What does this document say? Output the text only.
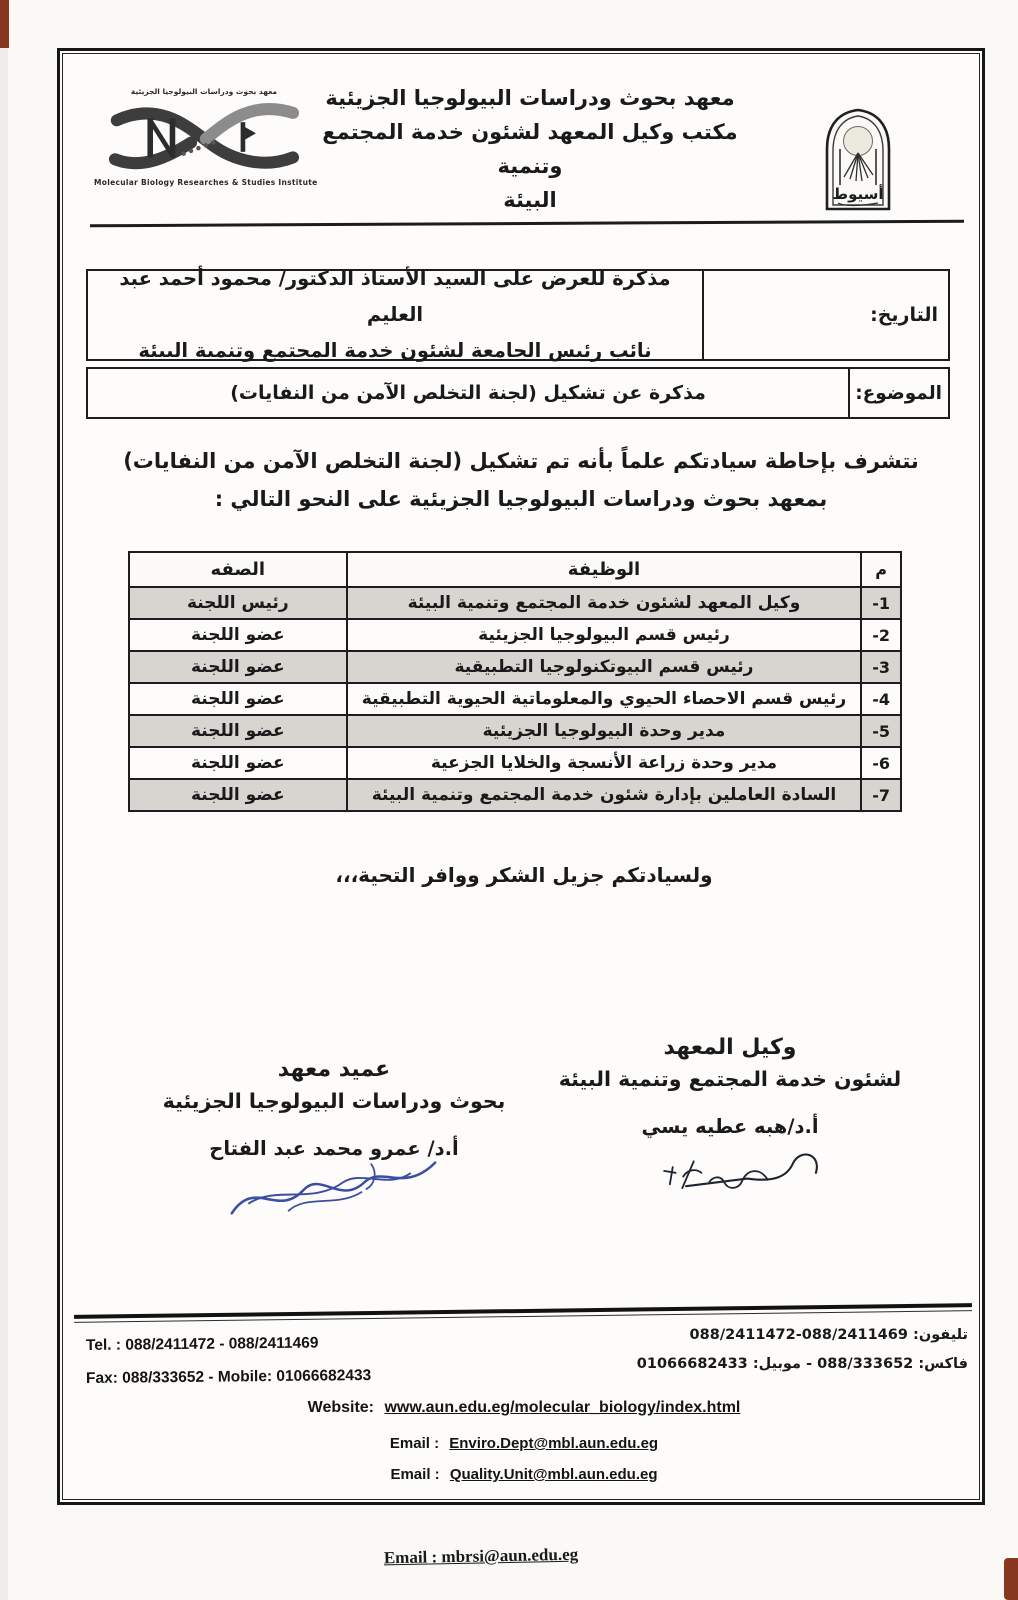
معهد بحوث ودراسات البيولوجيا الجزيئية
Molecular Biology Researches & Studies Institute
معهد بحوث ودراسات البيولوجيا الجزيئية
مكتب وكيل المعهد لشئون خدمة المجتمع وتنمية
البيئة	أسيوط
التاريخ:
مذكرة للعرض على السيد الأستاذ الدكتور/ محمود أحمد عبد العليم
نائب رئيس الجامعة لشئون خدمة المجتمع وتنمية البيئة
الموضوع:
مذكرة عن تشكيل (لجنة التخلص الآمن من النفايات)
نتشرف بإحاطة سيادتكم علماً بأنه تم تشكيل (لجنة التخلص الآمن من النفايات)
بمعهد بحوث ودراسات البيولوجيا الجزيئية على النحو التالي :
م	الوظيفة	الصفه
-1	وكيل المعهد لشئون خدمة المجتمع وتنمية البيئة	رئيس اللجنة
-2	رئيس قسم البيولوجيا الجزيئية	عضو اللجنة
-3	رئيس قسم البيوتكنولوجيا التطبيقية	عضو اللجنة
-4	رئيس قسم الاحصاء الحيوي والمعلوماتية الحيوية التطبيقية	عضو اللجنة
-5	مدير وحدة البيولوجيا الجزيئية	عضو اللجنة
-6	مدير وحدة زراعة الأنسجة والخلايا الجزعية	عضو اللجنة
-7	السادة العاملين بإدارة شئون خدمة المجتمع وتنمية البيئة	عضو اللجنة
ولسيادتكم جزيل الشكر ووافر التحية،،،
وكيل المعهد
لشئون خدمة المجتمع وتنمية البيئة
أ.د/هبه عطيه يسي
عميد معهد
بحوث ودراسات البيولوجيا الجزيئية
أ.د/ عمرو محمد عبد الفتاح
تليفون: 088/2411472-088/2411469
فاكس: 088/333652 - موبيل: 01066682433
Tel. : 088/2411472 - 088/2411469
Fax: 088/333652 - Mobile: 01066682433
Website: www.aun.edu.eg/molecular_biology/index.html
Email : Enviro.Dept@mbl.aun.edu.eg
Email : Quality.Unit@mbl.aun.edu.eg
Email : mbrsi@aun.edu.eg
